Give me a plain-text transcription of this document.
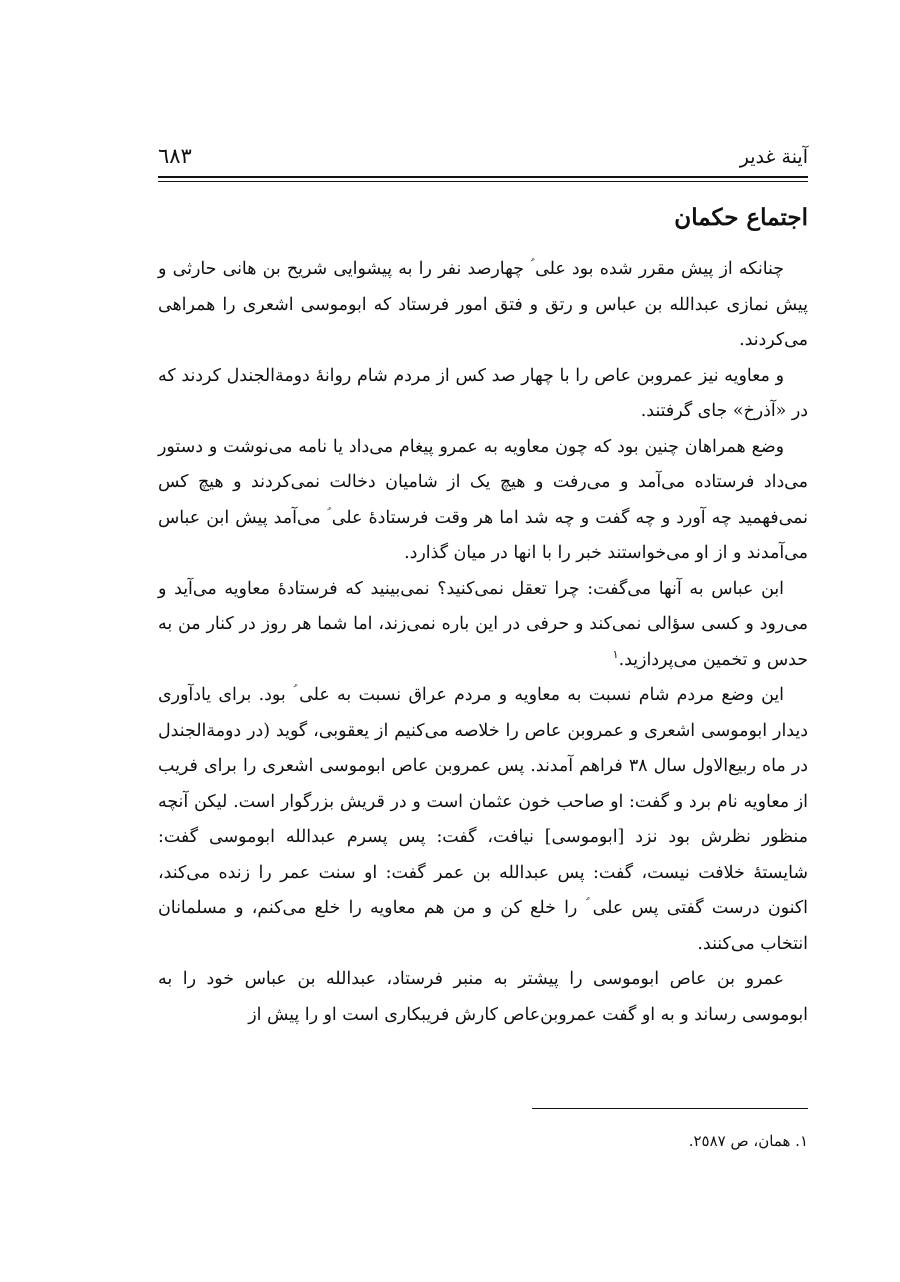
آينة غدير
٦٨٣
اجتماع حكمان

چنانكه از پيش مقرر شده بود علی ؑ چهارصد نفر را به پيشوايی شريح بن هانی حارثی و پيش نمازی عبدالله بن عباس و رتق و فتق امور فرستاد كه ابوموسی اشعری را همراهی می‌كردند.

و معاويه نيز عمروبن عاص را با چهار صد كس از مردم شام روانۀ دومة‌الجندل كردند كه در «آذرخ» جای گرفتند.

وضع همراهان چنين بود كه چون معاويه به عمرو پيغام می‌داد يا نامه می‌نوشت و دستور می‌داد فرستاده می‌آمد و می‌رفت و هيچ يک از شاميان دخالت نمی‌كردند و هيچ كس نمی‌فهميد چه آورد و چه گفت و چه شد اما هر وقت فرستادۀ علی ؑ می‌آمد پيش ابن عباس می‌آمدند و از او می‌خواستند خبر را با انها در ميان گذارد.

ابن عباس به آنها می‌گفت: چرا تعقل نمی‌كنيد؟ نمی‌بينيد كه فرستادۀ معاويه می‌آيد و می‌رود و كسی سؤالی نمی‌كند و حرفی در اين باره نمی‌زند، اما شما هر روز در كنار من به حدس و تخمين می‌پردازيد.$^١$

اين وضع مردم شام نسبت به معاويه و مردم عراق نسبت به علی ؑ بود. برای يادآوری ديدار ابوموسی اشعری و عمروبن عاص را خلاصه می‌كنيم از يعقوبی، گويد (در دومة‌الجندل در ماه ربيع‌الاول سال ٣٨ فراهم آمدند. پس عمروبن عاص ابوموسی اشعری را برای فريب از معاويه نام برد و گفت: او صاحب خون عثمان است و در قريش بزرگوار است. ليكن آنچه منظور نظرش بود نزد [ابوموسی] نيافت، گفت: پس پسرم عبدالله ابوموسی گفت: شايستۀ خلافت نيست، گفت: پس عبدالله بن عمر گفت: او سنت عمر را زنده می‌كند، اكنون درست گفتی پس علی ؑ را خلع كن و من هم معاويه را خلع می‌كنم، و مسلمانان انتخاب می‌كنند.

عمرو بن عاص ابوموسی را پيشتر به منبر فرستاد، عبدالله بن عباس خود را به ابوموسی رساند و به او گفت عمروبن‌عاص كارش فريبكاری است او را پيش از

١. همان، ص ٢٥٨٧.
